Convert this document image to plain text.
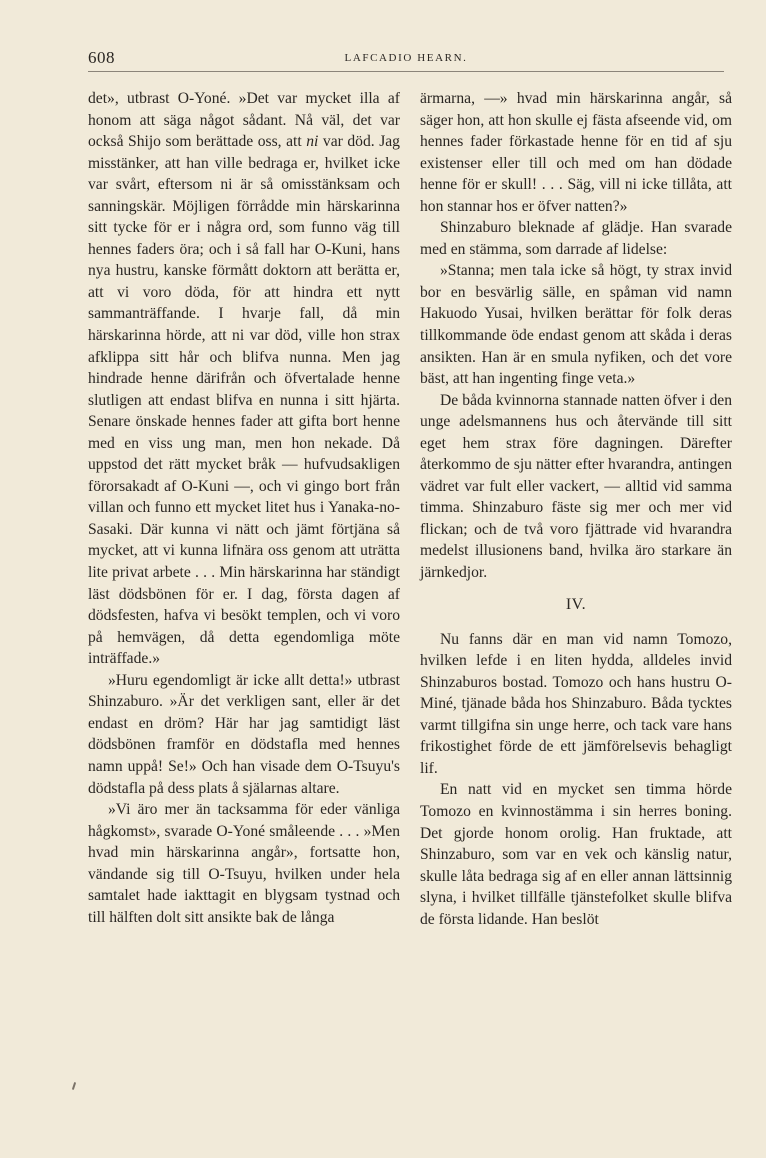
608	LAFCADIO HEARN.

det», utbrast O-Yoné. »Det var mycket illa af honom att säga något sådant. Nå väl, det var också Shijo som berättade oss, att ni var död. Jag misstänker, att han ville bedraga er, hvilket icke var svårt, eftersom ni är så omisstänksam och sanningskär. Möjligen förrådde min härskarinna sitt tycke för er i några ord, som funno väg till hennes faders öra; och i så fall har O-Kuni, hans nya hustru, kanske förmått doktorn att berätta er, att vi voro döda, för att hindra ett nytt sammanträffande. I hvarje fall, då min härskarinna hörde, att ni var död, ville hon strax afklippa sitt hår och blifva nunna. Men jag hindrade henne därifrån och öfvertalade henne slutligen att endast blifva en nunna i sitt hjärta. Senare önskade hennes fader att gifta bort henne med en viss ung man, men hon nekade. Då uppstod det rätt mycket bråk — hufvudsakligen förorsakadt af O-Kuni —, och vi gingo bort från villan och funno ett mycket litet hus i Yanaka-no-Sasaki. Där kunna vi nätt och jämt förtjäna så mycket, att vi kunna lifnära oss genom att uträtta lite privat arbete . . . Min härskarinna har ständigt läst dödsbönen för er. I dag, första dagen af dödsfesten, hafva vi besökt templen, och vi voro på hemvägen, då detta egendomliga möte inträffade.»

»Huru egendomligt är icke allt detta!» utbrast Shinzaburo. »Är det verkligen sant, eller är det endast en dröm? Här har jag samtidigt läst dödsbönen framför en dödstafla med hennes namn uppå! Se!» Och han visade dem O-Tsuyu's dödstafla på dess plats å själarnas altare.

»Vi äro mer än tacksamma för eder vänliga hågkomst», svarade O-Yoné småleende . . . »Men hvad min härskarinna angår», fortsatte hon, vändande sig till O-Tsuyu, hvilken under hela samtalet hade iakttagit en blygsam tystnad och till hälften dolt sitt ansikte bak de långa

ärmarna, —» hvad min härskarinna angår, så säger hon, att hon skulle ej fästa afseende vid, om hennes fader förkastade henne för en tid af sju existenser eller till och med om han dödade henne för er skull! . . . Säg, vill ni icke tillåta, att hon stannar hos er öfver natten?»

Shinzaburo bleknade af glädje. Han svarade med en stämma, som darrade af lidelse:

»Stanna; men tala icke så högt, ty strax invid bor en besvärlig sälle, en spåman vid namn Hakuodo Yusai, hvilken berättar för folk deras tillkommande öde endast genom att skåda i deras ansikten. Han är en smula nyfiken, och det vore bäst, att han ingenting finge veta.»

De båda kvinnorna stannade natten öfver i den unge adelsmannens hus och återvände till sitt eget hem strax före dagningen. Därefter återkommo de sju nätter efter hvarandra, antingen vädret var fult eller vackert, — alltid vid samma timma. Shinzaburo fäste sig mer och mer vid flickan; och de två voro fjättrade vid hvarandra medelst illusionens band, hvilka äro starkare än järnkedjor.

IV.

Nu fanns där en man vid namn Tomozo, hvilken lefde i en liten hydda, alldeles invid Shinzaburos bostad. Tomozo och hans hustru O-Miné, tjänade båda hos Shinzaburo. Båda tycktes varmt tillgifna sin unge herre, och tack vare hans frikostighet förde de ett jämförelsevis behagligt lif.

En natt vid en mycket sen timma hörde Tomozo en kvinnostämma i sin herres boning. Det gjorde honom orolig. Han fruktade, att Shinzaburo, som var en vek och känslig natur, skulle låta bedraga sig af en eller annan lättsinnig slyna, i hvilket tillfälle tjänstefolket skulle blifva de första lidande. Han beslöt
